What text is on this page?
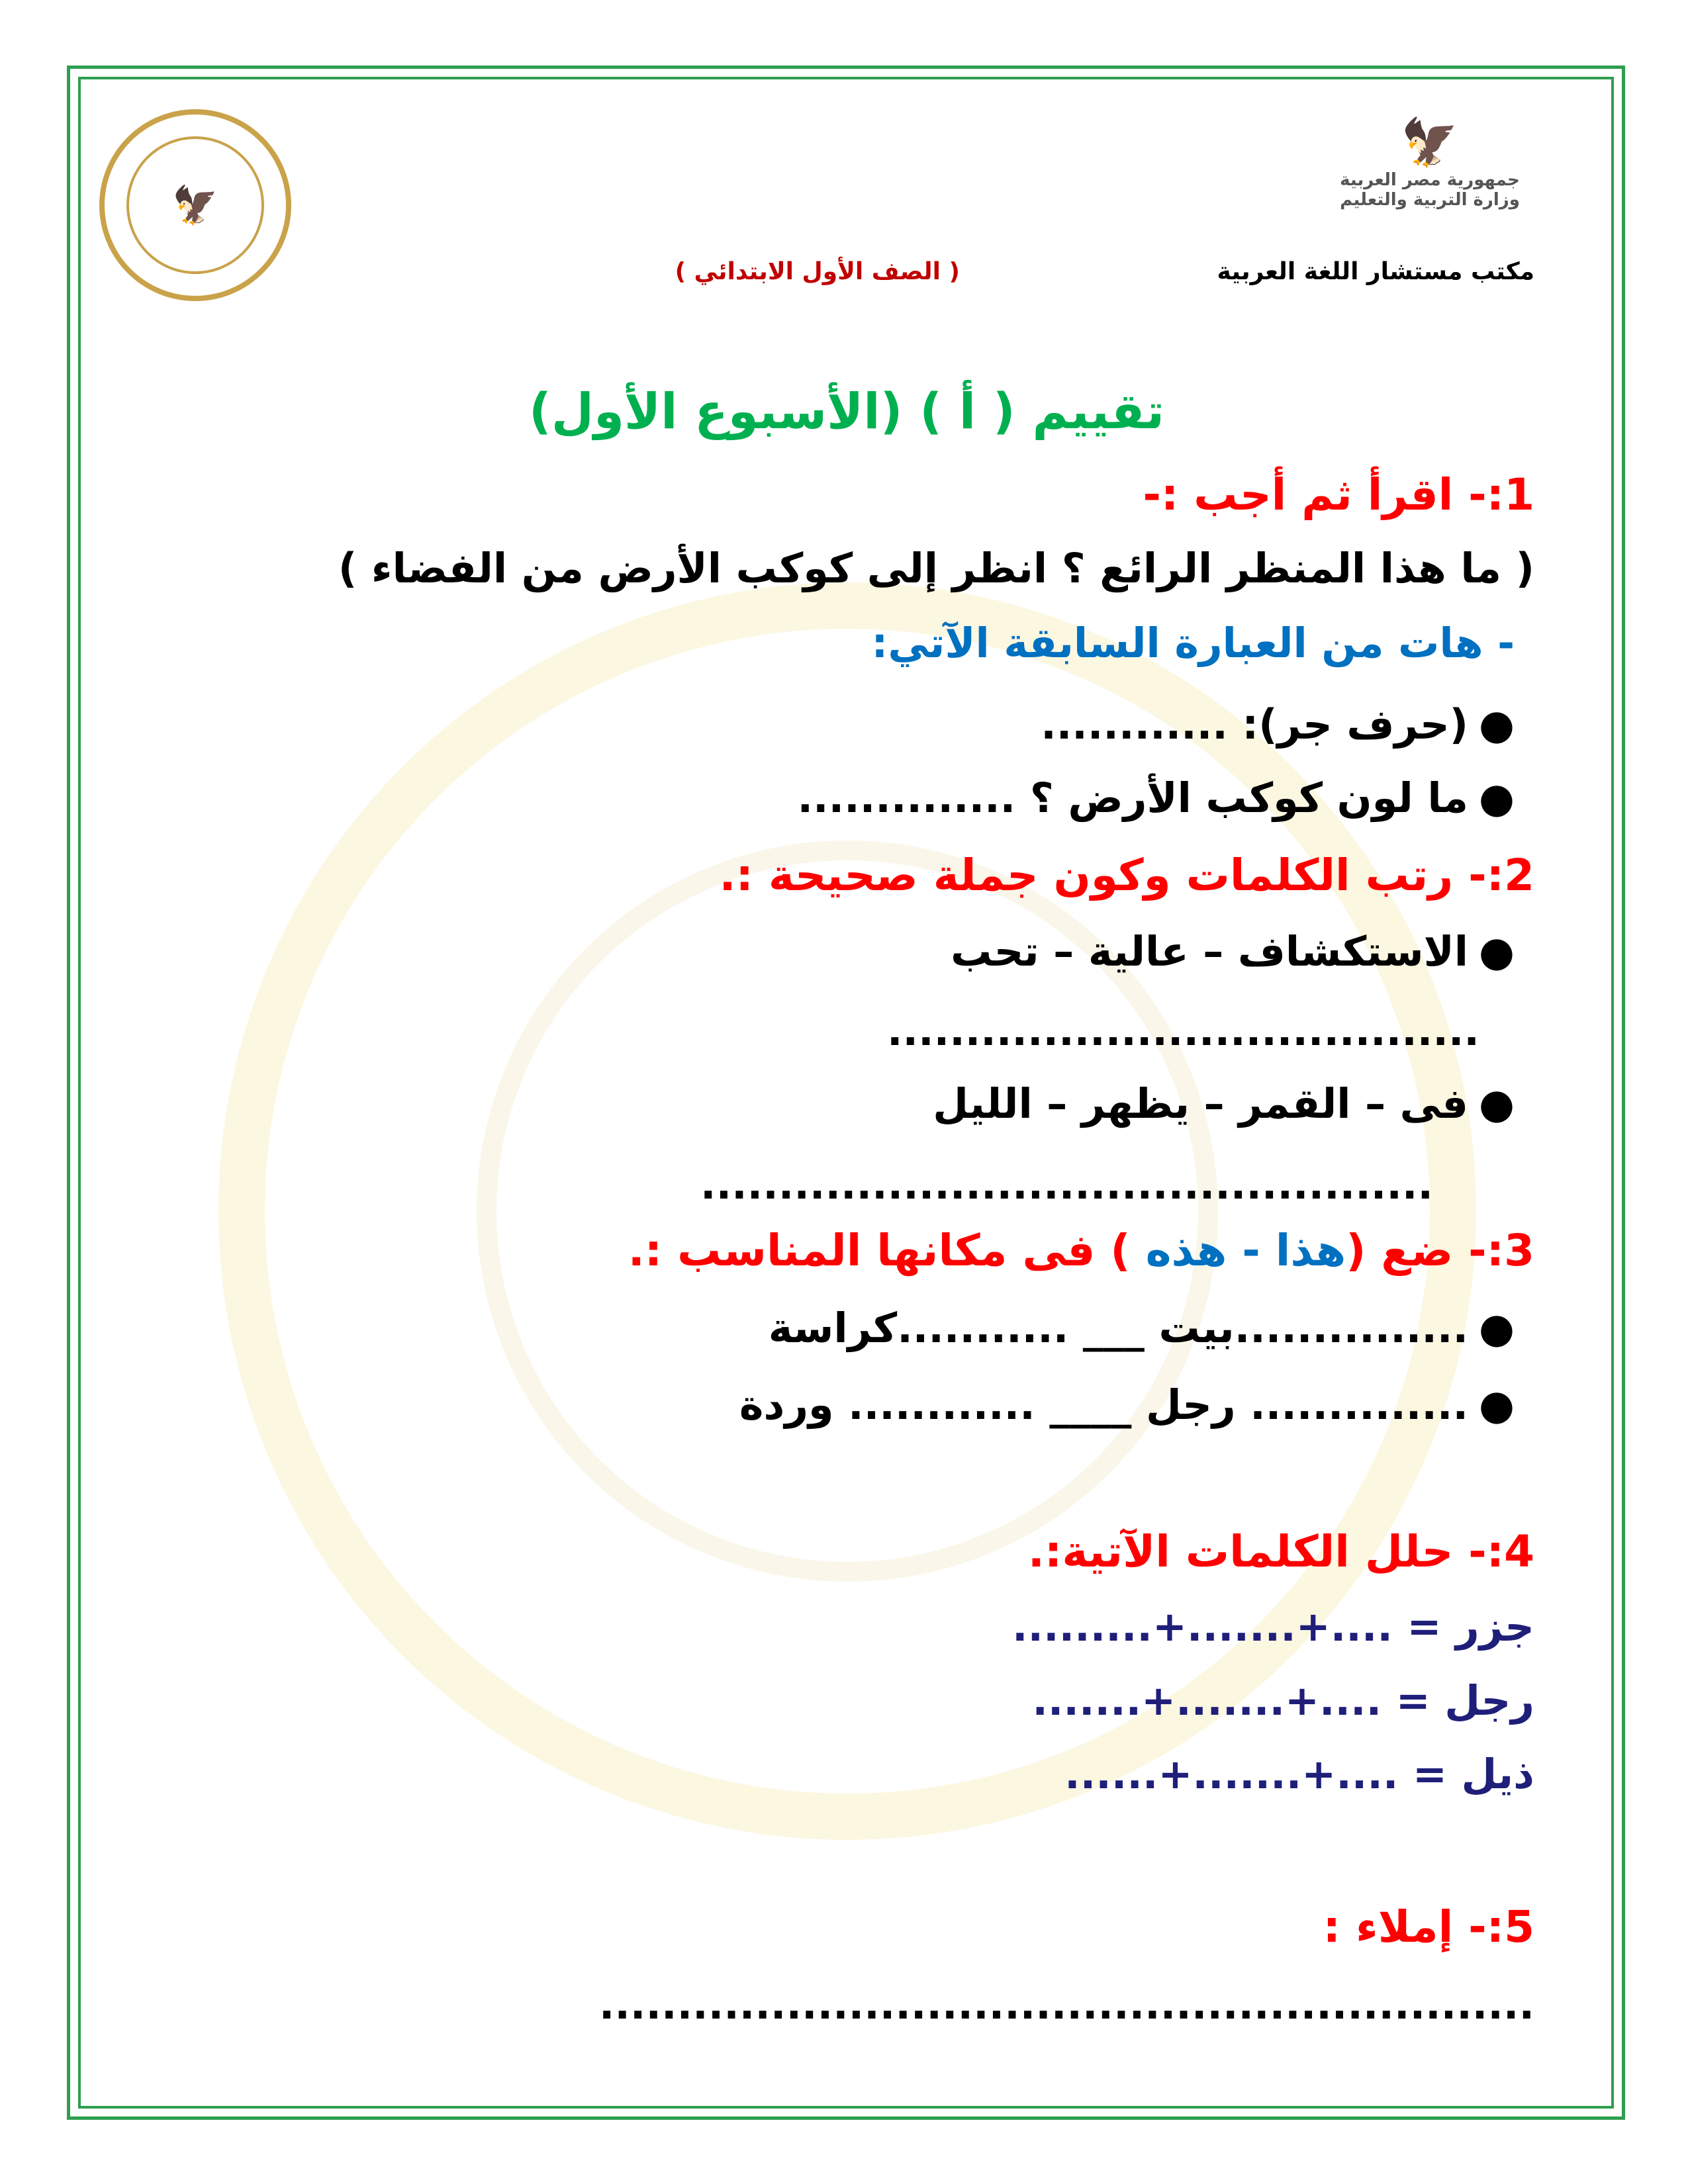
🦅
🦅
جمهورية مصر العربية وزارة التربية والتعليم
مكتب مستشار اللغة العربية
( الصف الأول الابتدائي )
تقييم ( أ ) (الأسبوع الأول)
1:- اقرأ ثم أجب :-
( ما هذا المنظر الرائع ؟ انظر إلى كوكب الأرض من الفضاء )
- هات من العبارة السابقة الآتي:
●(حرف جر): ............
●ما لون كوكب الأرض ؟ ..............
2:- رتب الكلمات وكون جملة صحيحة :.
●الاستكشاف – عالية – تحب
......................................
●فى – القمر – يظهر – الليل
...............................................
3:- ضع (هذا - هذه ) فى مكانها المناسب :.
●...............بيت ___ ...........كراسة
●.............. رجل ____ ............ وردة
4:- حلل الكلمات الآتية:.
جزر = ....+.......+.........
رجل = ....+.......+.......
ذيل = ....+.......+......
5:- إملاء :
............................................................
